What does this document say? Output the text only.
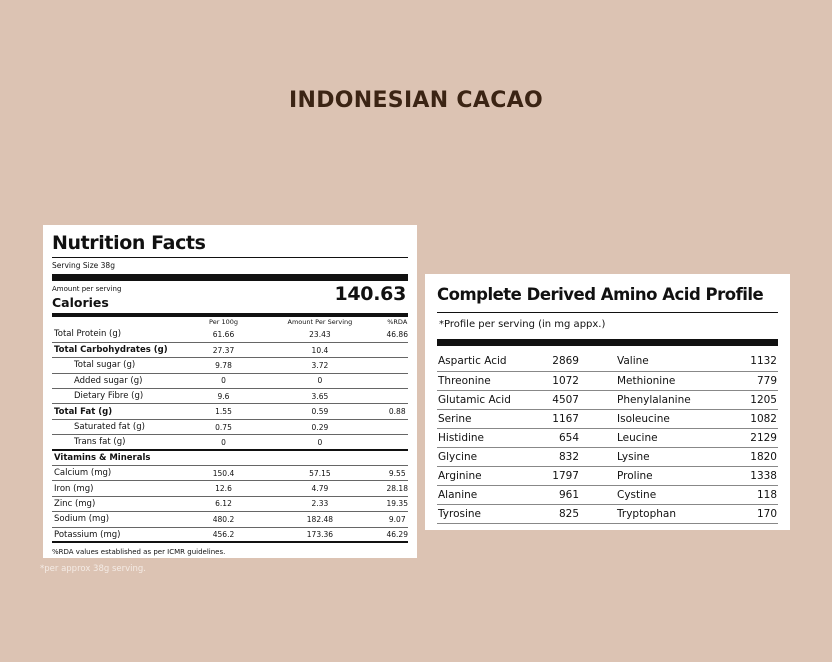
INDONESIAN CACAO
Nutrition Facts
Serving Size 38g
Amount per serving
Calories	140.63
	Per 100g	Amount Per Serving	%RDA
Total Protein (g)	61.66	23.43	46.86
Total Carbohydrates (g)	27.37	10.4	
Total sugar (g)	9.78	3.72	
Added sugar (g)	0	0	
Dietary Fibre (g)	9.6	3.65	
Total Fat (g)	1.55	0.59	0.88
Saturated fat (g)	0.75	0.29	
Trans fat (g)	0	0	
Vitamins & Minerals			
Calcium (mg)	150.4	57.15	9.55
Iron (mg)	12.6	4.79	28.18
Zinc (mg)	6.12	2.33	19.35
Sodium (mg)	480.2	182.48	9.07
Potassium (mg)	456.2	173.36	46.29
%RDA values established as per ICMR guidelines.
*per approx 38g serving.
Complete Derived Amino Acid Profile
*Profile per serving (in mg appx.)
Aspartic Acid	2869		Valine	1132
Threonine	1072		Methionine	779
Glutamic Acid	4507		Phenylalanine	1205
Serine	1167		Isoleucine	1082
Histidine	654		Leucine	2129
Glycine	832		Lysine	1820
Arginine	1797		Proline	1338
Alanine	961		Cystine	118
Tyrosine	825		Tryptophan	170
